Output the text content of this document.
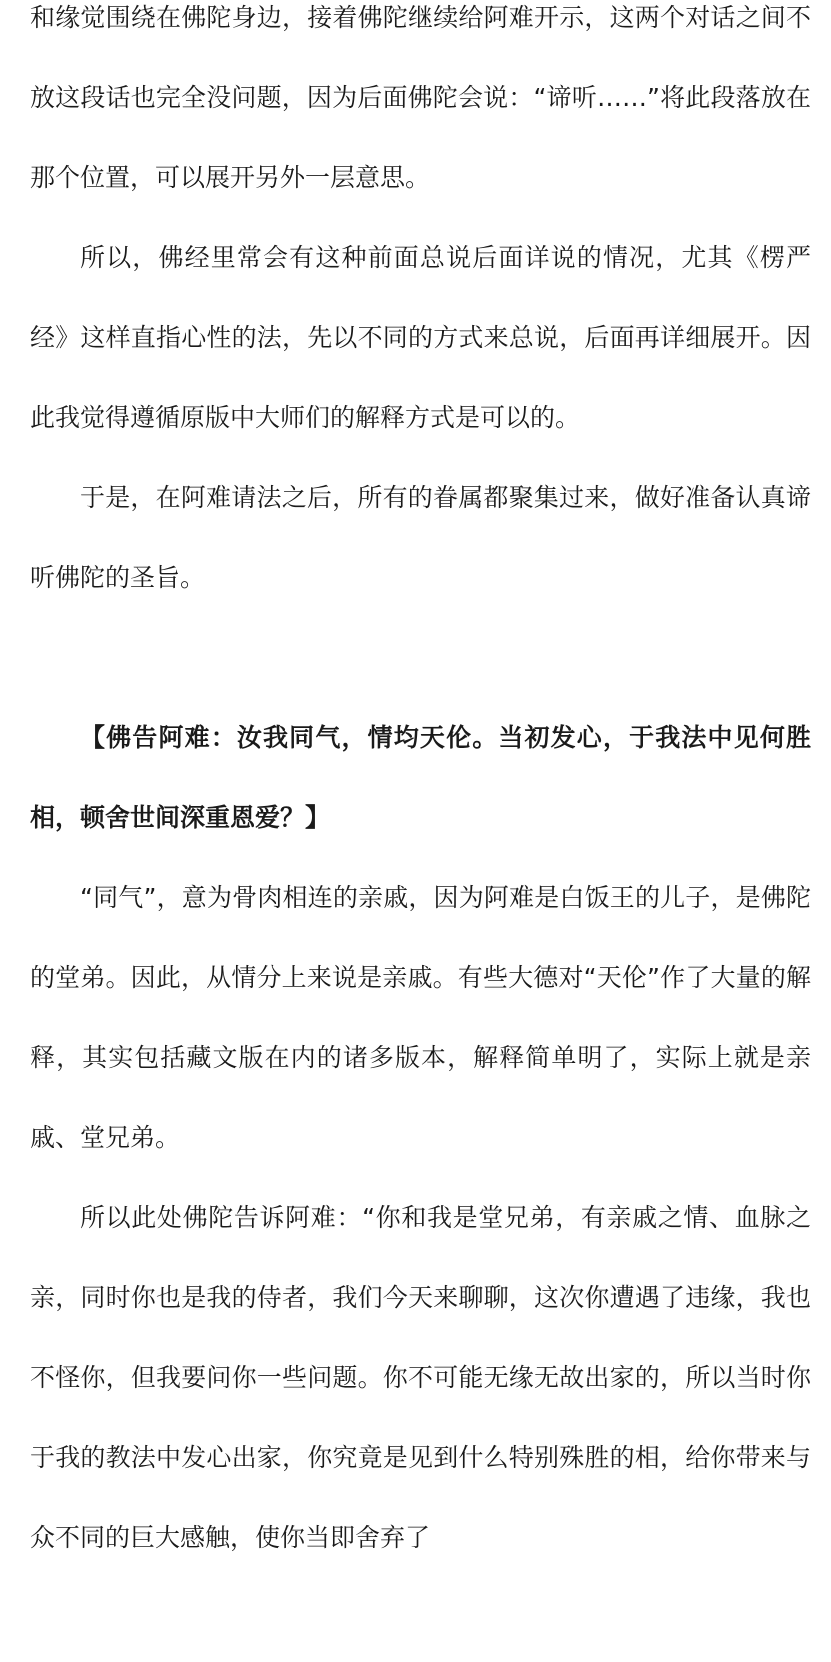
和缘觉围绕在佛陀身边，接着佛陀继续给阿难开示，这两个对话之间不放这段话也完全没问题，因为后面佛陀会说：“谛听……”将此段落放在那个位置，可以展开另外一层意思。

所以，佛经里常会有这种前面总说后面详说的情况，尤其《楞严经》这样直指心性的法，先以不同的方式来总说，后面再详细展开。因此我觉得遵循原版中大师们的解释方式是可以的。

于是，在阿难请法之后，所有的眷属都聚集过来，做好准备认真谛听佛陀的圣旨。

【佛告阿难：汝我同气，情均天伦。当初发心，于我法中见何胜相，顿舍世间深重恩爱？】

“同气”，意为骨肉相连的亲戚，因为阿难是白饭王的儿子，是佛陀的堂弟。因此，从情分上来说是亲戚。有些大德对“天伦”作了大量的解释，其实包括藏文版在内的诸多版本，解释简单明了，实际上就是亲戚、堂兄弟。

所以此处佛陀告诉阿难：“你和我是堂兄弟，有亲戚之情、血脉之亲，同时你也是我的侍者，我们今天来聊聊，这次你遭遇了违缘，我也不怪你，但我要问你一些问题。你不可能无缘无故出家的，所以当时你于我的教法中发心出家，你究竟是见到什么特别殊胜的相，给你带来与众不同的巨大感触，使你当即舍弃了
